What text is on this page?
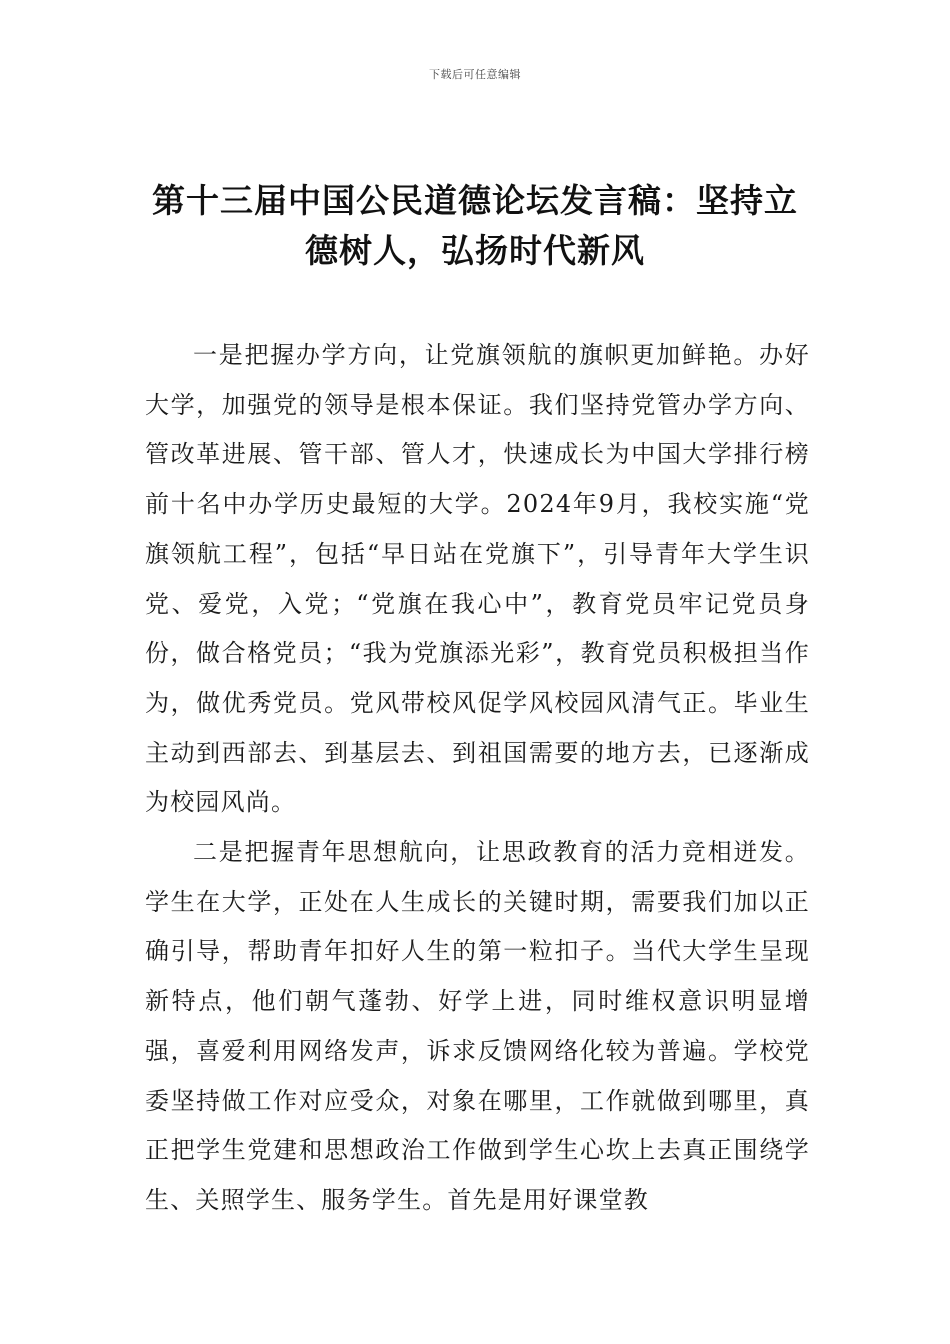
下载后可任意编辑
第十三届中国公民道德论坛发言稿：坚持立德树人，弘扬时代新风

一是把握办学方向，让党旗领航的旗帜更加鲜艳。办好大学，加强党的领导是根本保证。我们坚持党管办学方向、管改革进展、管干部、管人才，快速成长为中国大学排行榜前十名中办学历史最短的大学。2024年9月，我校实施“党旗领航工程”，包括“早日站在党旗下”，引导青年大学生识党、爱党，入党；“党旗在我心中”，教育党员牢记党员身份，做合格党员；“我为党旗添光彩”，教育党员积极担当作为，做优秀党员。党风带校风促学风校园风清气正。毕业生主动到西部去、到基层去、到祖国需要的地方去，已逐渐成为校园风尚。

二是把握青年思想航向，让思政教育的活力竞相迸发。学生在大学，正处在人生成长的关键时期，需要我们加以正确引导，帮助青年扣好人生的第一粒扣子。当代大学生呈现新特点，他们朝气蓬勃、好学上进，同时维权意识明显增强，喜爱利用网络发声，诉求反馈网络化较为普遍。学校党委坚持做工作对应受众，对象在哪里，工作就做到哪里，真正把学生党建和思想政治工作做到学生心坎上去真正围绕学生、关照学生、服务学生。首先是用好课堂教
